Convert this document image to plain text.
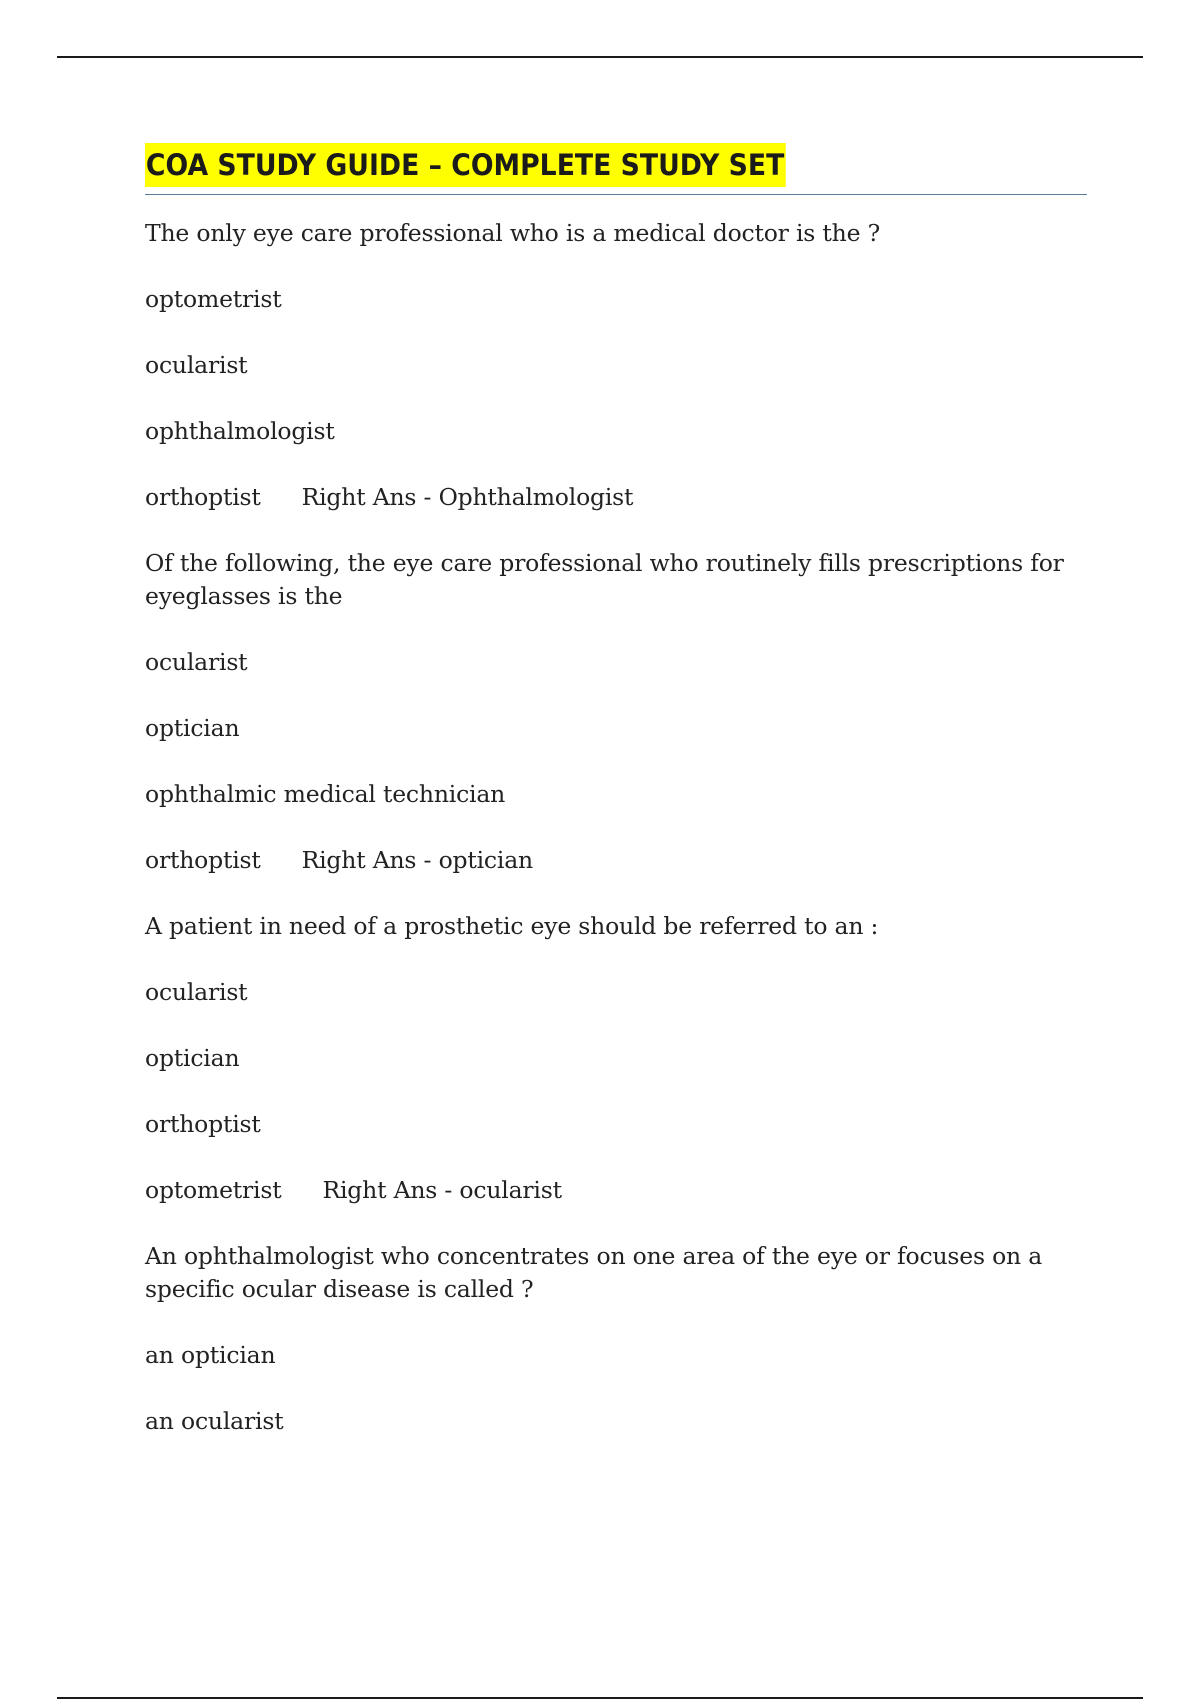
COA STUDY GUIDE – COMPLETE STUDY SET

The only eye care professional who is a medical doctor is the ?

optometrist

ocularist

ophthalmologist

orthoptist Right Ans - Ophthalmologist

Of the following, the eye care professional who routinely fills prescriptions for eyeglasses is the

ocularist

optician

ophthalmic medical technician

orthoptist Right Ans - optician

A patient in need of a prosthetic eye should be referred to an :

ocularist

optician

orthoptist

optometrist Right Ans - ocularist

An ophthalmologist who concentrates on one area of the eye or focuses on a specific ocular disease is called ?

an optician

an ocularist
